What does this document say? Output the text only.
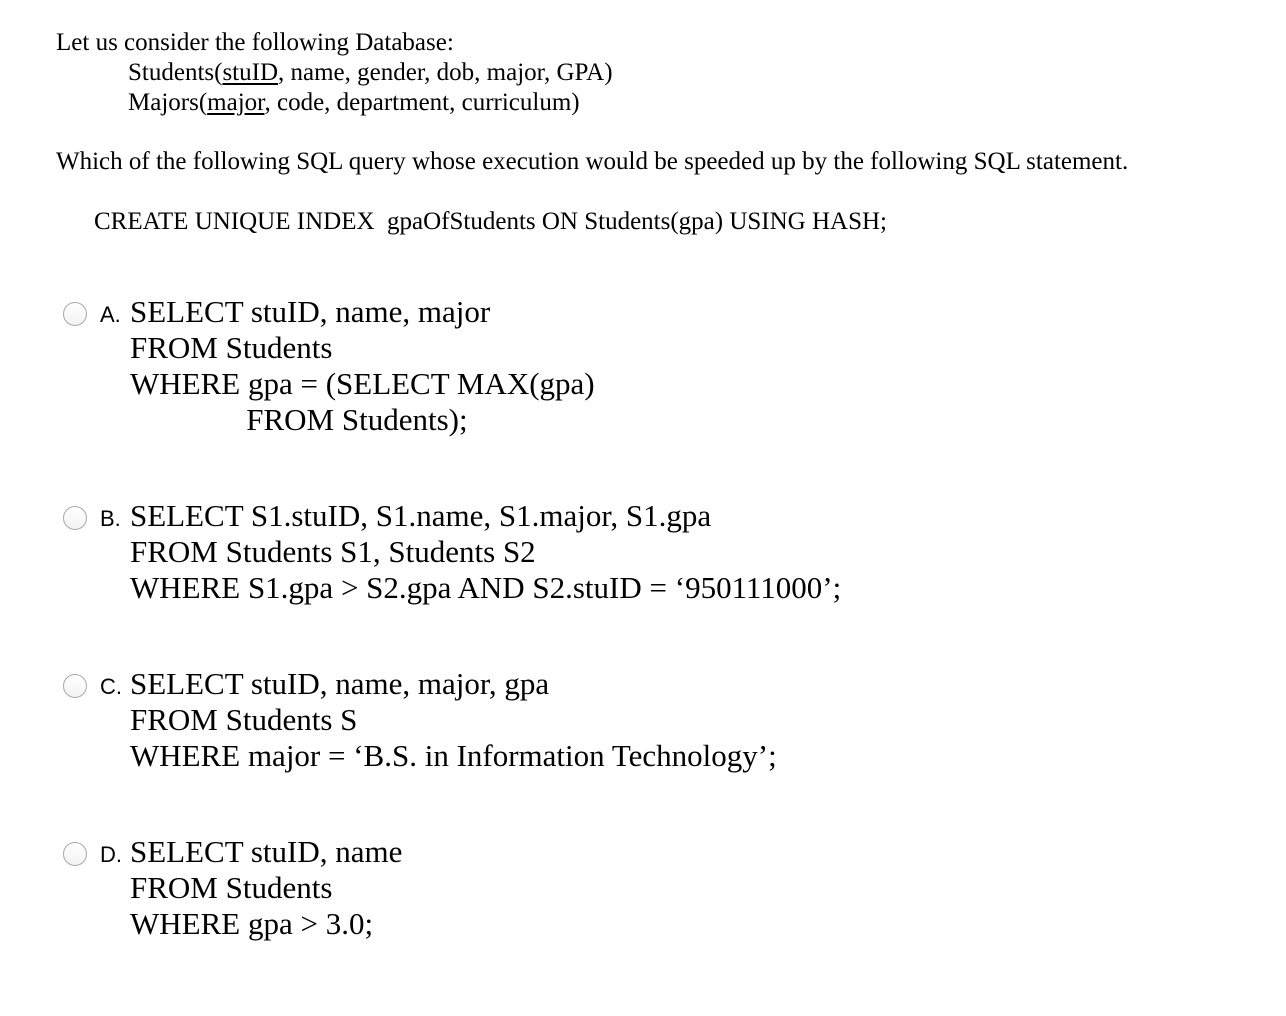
Let us consider the following Database:
Students(stuID, name, gender, dob, major, GPA)
Majors(major, code, department, curriculum)
Which of the following SQL query whose execution would be speeded up by the following SQL statement.
CREATE UNIQUE INDEX  gpaOfStudents ON Students(gpa) USING HASH;
A. SELECT stuID, name, major
FROM Students
WHERE gpa = (SELECT MAX(gpa)
FROM Students);
B. SELECT S1.stuID, S1.name, S1.major, S1.gpa
FROM Students S1, Students S2
WHERE S1.gpa > S2.gpa AND S2.stuID = ‘950111000’;
C. SELECT stuID, name, major, gpa
FROM Students S
WHERE major = ‘B.S. in Information Technology’;
D. SELECT stuID, name
FROM Students
WHERE gpa > 3.0;
